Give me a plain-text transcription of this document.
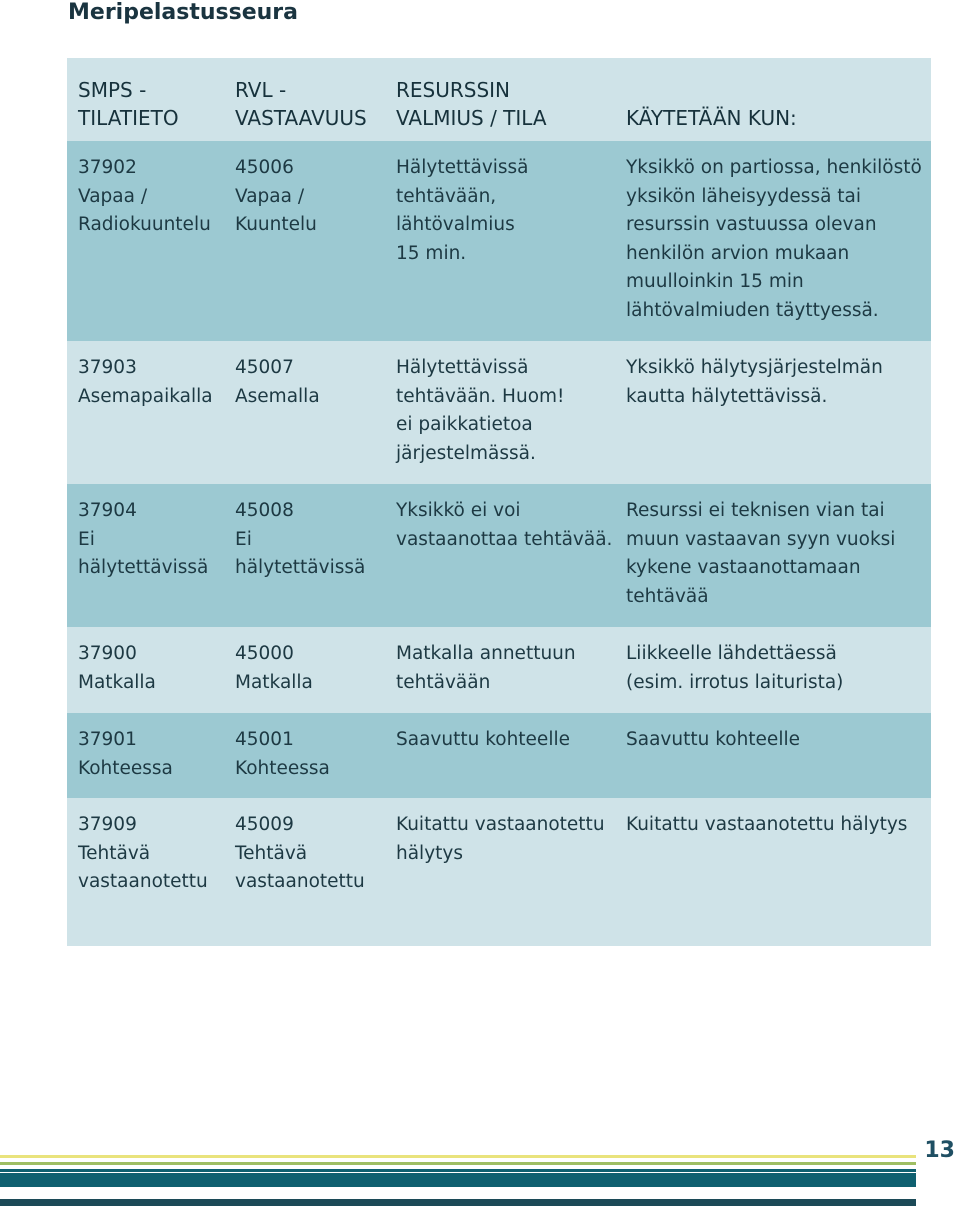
Meripelastusseura
SMPS -
TILATIETO
RVL -
VASTAAVUUS
RESURSSIN
VALMIUS / TILA	KÄYTETÄÄN KUN:
37902
Vapaa /
Radiokuuntelu
45006
Vapaa /
Kuuntelu
Hälytettävissä
tehtävään,
lähtövalmius
15 min.
Yksikkö on partiossa, henkilöstö
yksikön läheisyydessä tai
resurssin vastuussa olevan
henkilön arvion mukaan
muulloinkin 15 min
lähtövalmiuden täyttyessä.
37903
Asemapaikalla
45007
Asemalla
Hälytettävissä
tehtävään. Huom!
ei paikkatietoa
järjestelmässä.
Yksikkö hälytysjärjestelmän
kautta hälytettävissä.
37904
Ei
hälytettävissä
45008
Ei
hälytettävissä
Yksikkö ei voi
vastaanottaa tehtävää.
Resurssi ei teknisen vian tai
muun vastaavan syyn vuoksi
kykene vastaanottamaan
tehtävää
37900
Matkalla
45000
Matkalla
Matkalla annettuun
tehtävään
Liikkeelle lähdettäessä
(esim. irrotus laiturista)
37901
Kohteessa
45001
Kohteessa
Saavuttu kohteelle	Saavuttu kohteelle
37909
Tehtävä
vastaanotettu
45009
Tehtävä
vastaanotettu
Kuitattu vastaanotettu
hälytys
Kuitattu vastaanotettu hälytys
13
